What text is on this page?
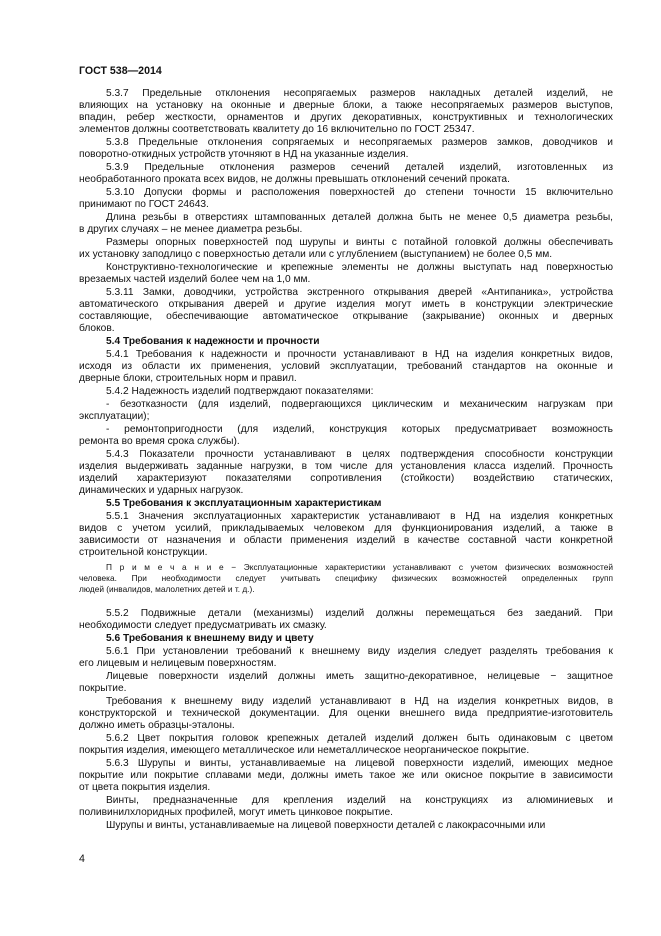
ГОСТ 538—2014
5.3.7 Предельные отклонения несопрягаемых размеров накладных деталей изделий, не
влияющих на установку на оконные и дверные блоки, а также несопрягаемых размеров выступов,
впадин, ребер жесткости, орнаментов и других декоративных, конструктивных и технологических
элементов должны соответствовать квалитету до 16 включительно по ГОСТ 25347.
5.3.8 Предельные отклонения сопрягаемых и несопрягаемых размеров замков, доводчиков и
поворотно-откидных устройств уточняют в НД на указанные изделия.
5.3.9 Предельные отклонения размеров сечений деталей изделий, изготовленных из
необработанного проката всех видов, не должны превышать отклонений сечений проката.
5.3.10 Допуски формы и расположения поверхностей до степени точности 15 включительно
принимают по ГОСТ 24643.
Длина резьбы в отверстиях штампованных деталей должна быть не менее 0,5 диаметра резьбы,
в других случаях – не менее диаметра резьбы.
Размеры опорных поверхностей под шурупы и винты с потайной головкой должны обеспечивать
их установку заподлицо с поверхностью детали или с углублением (выступанием) не более 0,5 мм.
Конструктивно-технологические и крепежные элементы не должны выступать над поверхностью
врезаемых частей изделий более чем на 1,0 мм.
5.3.11 Замки, доводчики, устройства экстренного открывания дверей «Антипаника», устройства
автоматического открывания дверей и другие изделия могут иметь в конструкции электрические
составляющие, обеспечивающие автоматическое открывание (закрывание) оконных и дверных
блоков.
5.4 Требования к надежности и прочности
5.4.1 Требования к надежности и прочности устанавливают в НД на изделия конкретных видов,
исходя из области их применения, условий эксплуатации, требований стандартов на оконные и
дверные блоки, строительных норм и правил.
5.4.2 Надежность изделий подтверждают показателями:
- безотказности (для изделий, подвергающихся циклическим и механическим нагрузкам при
эксплуатации);
- ремонтопригодности (для изделий, конструкция которых предусматривает возможность
ремонта во время срока службы).
5.4.3 Показатели прочности устанавливают в целях подтверждения способности конструкции
изделия выдерживать заданные нагрузки, в том числе для установления класса изделий. Прочность
изделий характеризуют показателями сопротивления (стойкости) воздействию статических,
динамических и ударных нагрузок.
5.5 Требования к эксплуатационным характеристикам
5.5.1 Значения эксплуатационных характеристик устанавливают в НД на изделия конкретных
видов с учетом усилий, прикладываемых человеком для функционирования изделий, а также в
зависимости от назначения и области применения изделий в качестве составной части конкретной
строительной конструкции.
П р и м е ч а н и е − Эксплуатационные характеристики устанавливают с учетом физических возможностей
человека. При необходимости следует учитывать специфику физических возможностей определенных групп
людей (инвалидов, малолетних детей и т. д.).
5.5.2 Подвижные детали (механизмы) изделий должны перемещаться без заеданий. При
необходимости следует предусматривать их смазку.
5.6 Требования к внешнему виду и цвету
5.6.1 При установлении требований к внешнему виду изделия следует разделять требования к
его лицевым и нелицевым поверхностям.
Лицевые поверхности изделий должны иметь защитно-декоративное, нелицевые − защитное
покрытие.
Требования к внешнему виду изделий устанавливают в НД на изделия конкретных видов, в
конструкторской и технической документации. Для оценки внешнего вида предприятие-изготовитель
должно иметь образцы-эталоны.
5.6.2 Цвет покрытия головок крепежных деталей изделий должен быть одинаковым с цветом
покрытия изделия, имеющего металлическое или неметаллическое неорганическое покрытие.
5.6.3 Шурупы и винты, устанавливаемые на лицевой поверхности изделий, имеющих медное
покрытие или покрытие сплавами меди, должны иметь такое же или окисное покрытие в зависимости
от цвета покрытия изделия.
Винты, предназначенные для крепления изделий на конструкциях из алюминиевых и
поливинилхлоридных профилей, могут иметь цинковое покрытие.
Шурупы и винты, устанавливаемые на лицевой поверхности деталей с лакокрасочными или
4
